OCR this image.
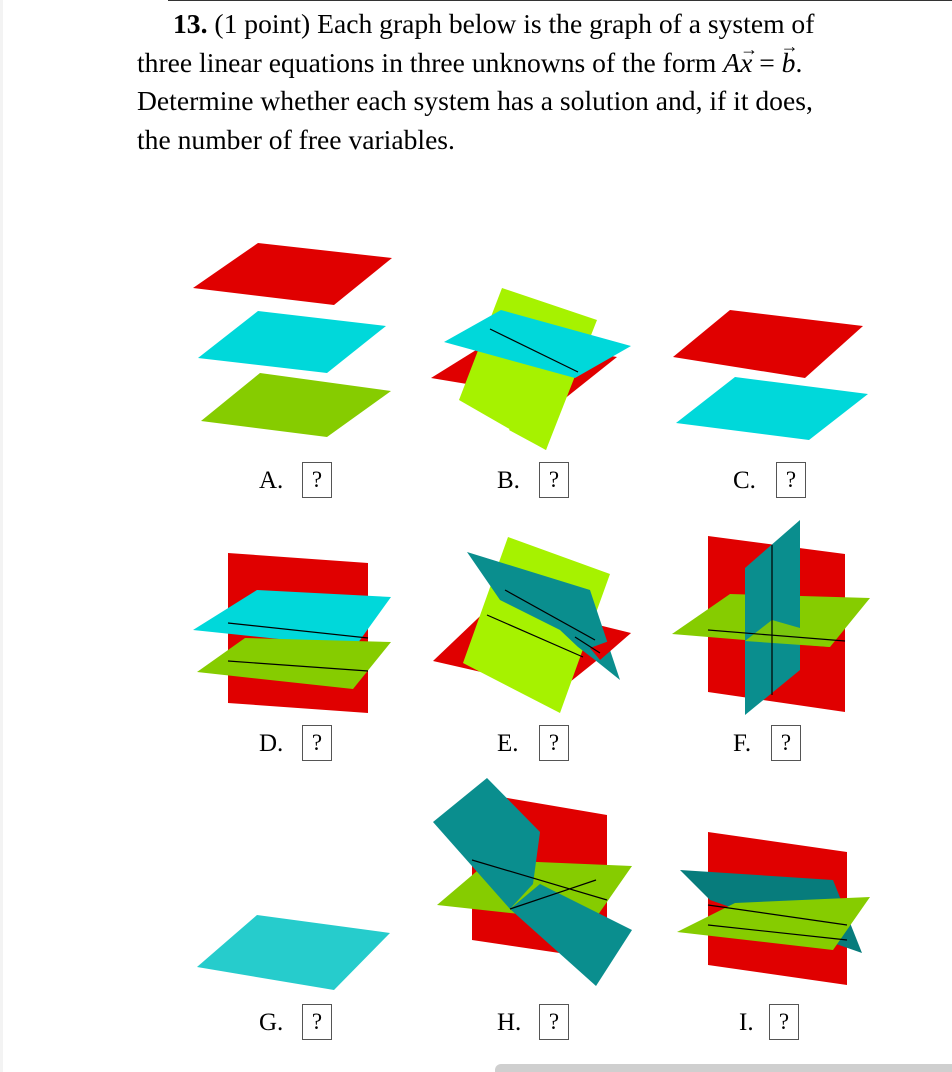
13. (1 point) Each graph below is the graph of a system of
three linear equations in three unknowns of the form A→ x = → b.
Determine whether each system has a solution and, if it does,
the number of free variables.
A.
?	B.
?	C.
?
D.
?	E.
?	F.
?
G.
?	H.
?	I.
?
